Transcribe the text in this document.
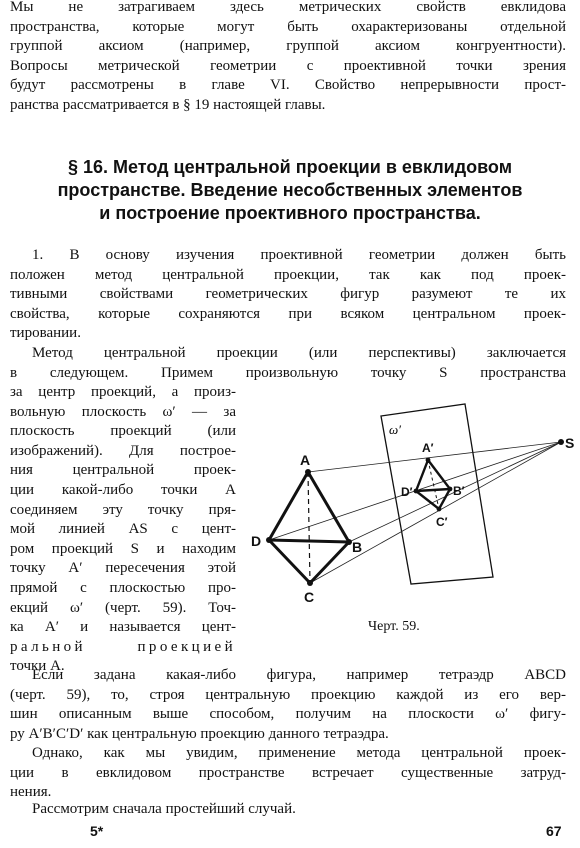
Мы не затрагиваем здесь метрических свойств евклидова
пространства, которые могут быть охарактеризованы отдельной
группой аксиом (например, группой аксиом конгруентности).
Вопросы метрической геометрии с проективной точки зрения
будут рассмотрены в главе VI. Свойство непрерывности прост-
ранства рассматривается в § 19 настоящей главы.

§ 16. Метод центральной проекции в евклидовом
пространстве. Введение несобственных элементов
и построение проективного пространства.

1. В основу изучения проективной геометрии должен быть
положен метод центральной проекции, так как под проек-
тивными свойствами геометрических фигур разумеют те их
свойства, которые сохраняются при всяком центральном проек-
тировании.

Метод центральной проекции (или перспективы) заключается
в следующем. Примем произвольную точку S пространства

за центр проекций, а произ-
вольную плоскость ω′ — за
плоскость проекций (или
изображений). Для построе-
ния центральной проек-
ции какой-либо точки A
соединяем эту точку пря-
мой линией AS с цент-
ром проекций S и находим
точку A′ пересечения этой
прямой с плоскостью про-
екций ω′ (черт. 59). Точ-
ка A′ и называется цент-
ральной проекцией
точки A.

ω′
S
A
D	B
C
A′
D′	B′
C′
Черт. 59.

Если задана какая-либо фигура, например тетраэдр ABCD
(черт. 59), то, строя центральную проекцию каждой из его вер-
шин описанным выше способом, получим на плоскости ω′ фигу-
ру A′B′C′D′ как центральную проекцию данного тетраэдра.

Однако, как мы увидим, применение метода центральной проек-
ции в евклидовом пространстве встречает существенные затруд-
нения.

Рассмотрим сначала простейший случай.

5*	67
